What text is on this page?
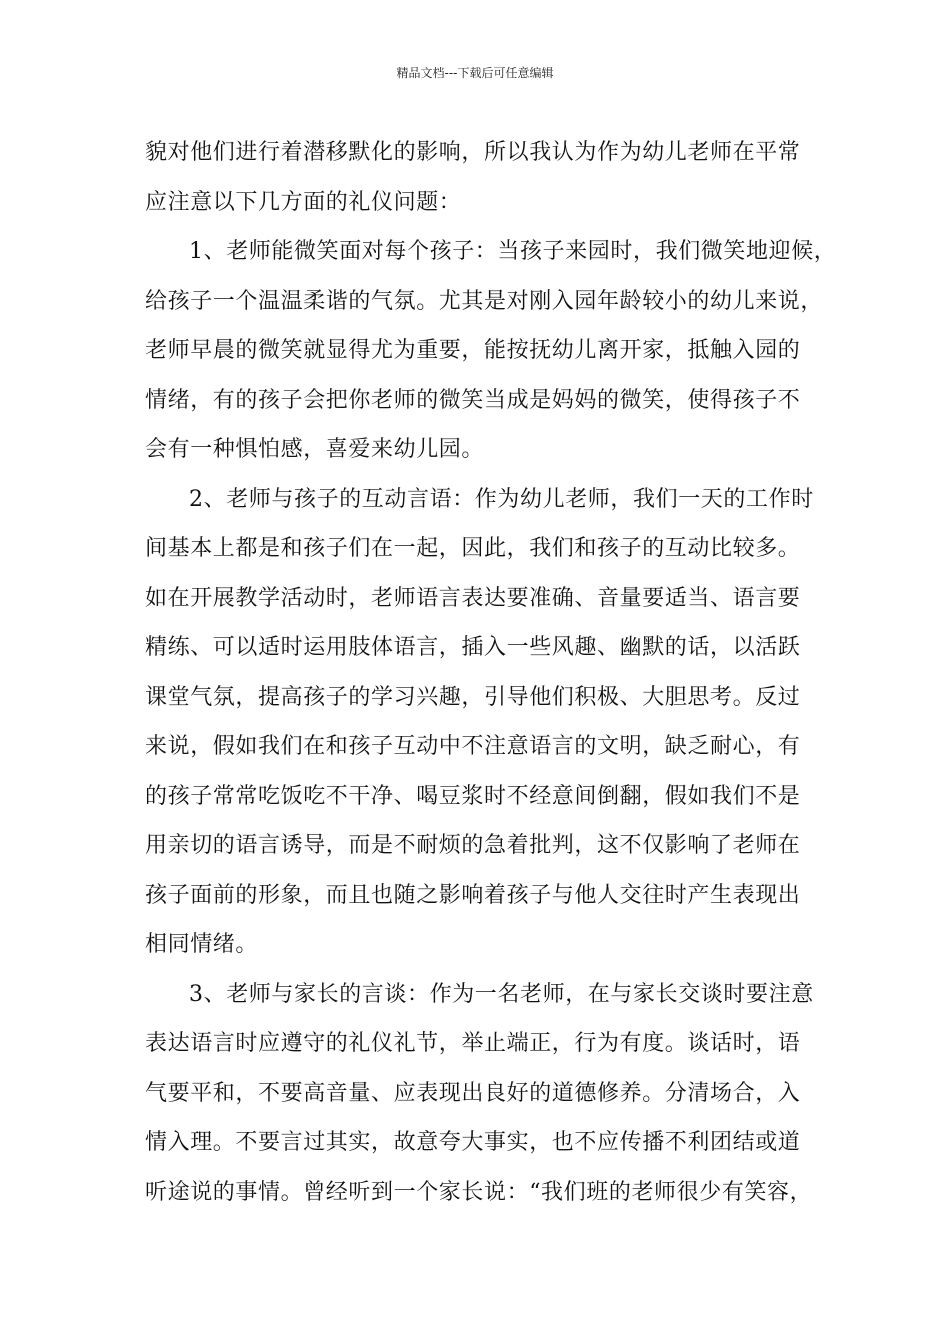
精品文档---下载后可任意编辑
貌对他们进行着潜移默化的影响，所以我认为作为幼儿老师在平常
应注意以下几方面的礼仪问题：
1、老师能微笑面对每个孩子：当孩子来园时，我们微笑地迎候，
给孩子一个温温柔谐的气氛。尤其是对刚入园年龄较小的幼儿来说，
老师早晨的微笑就显得尤为重要，能按抚幼儿离开家，抵触入园的
情绪，有的孩子会把你老师的微笑当成是妈妈的微笑，使得孩子不
会有一种惧怕感，喜爱来幼儿园。
2、老师与孩子的互动言语：作为幼儿老师，我们一天的工作时
间基本上都是和孩子们在一起，因此，我们和孩子的互动比较多。
如在开展教学活动时，老师语言表达要准确、音量要适当、语言要
精练、可以适时运用肢体语言，插入一些风趣、幽默的话，以活跃
课堂气氛，提高孩子的学习兴趣，引导他们积极、大胆思考。反过
来说，假如我们在和孩子互动中不注意语言的文明，缺乏耐心，有
的孩子常常吃饭吃不干净、喝豆浆时不经意间倒翻，假如我们不是
用亲切的语言诱导，而是不耐烦的急着批判，这不仅影响了老师在
孩子面前的形象，而且也随之影响着孩子与他人交往时产生表现出
相同情绪。
3、老师与家长的言谈：作为一名老师，在与家长交谈时要注意
表达语言时应遵守的礼仪礼节，举止端正，行为有度。谈话时，语
气要平和，不要高音量、应表现出良好的道德修养。分清场合，入
情入理。不要言过其实，故意夸大事实，也不应传播不利团结或道
听途说的事情。曾经听到一个家长说：“我们班的老师很少有笑容，
